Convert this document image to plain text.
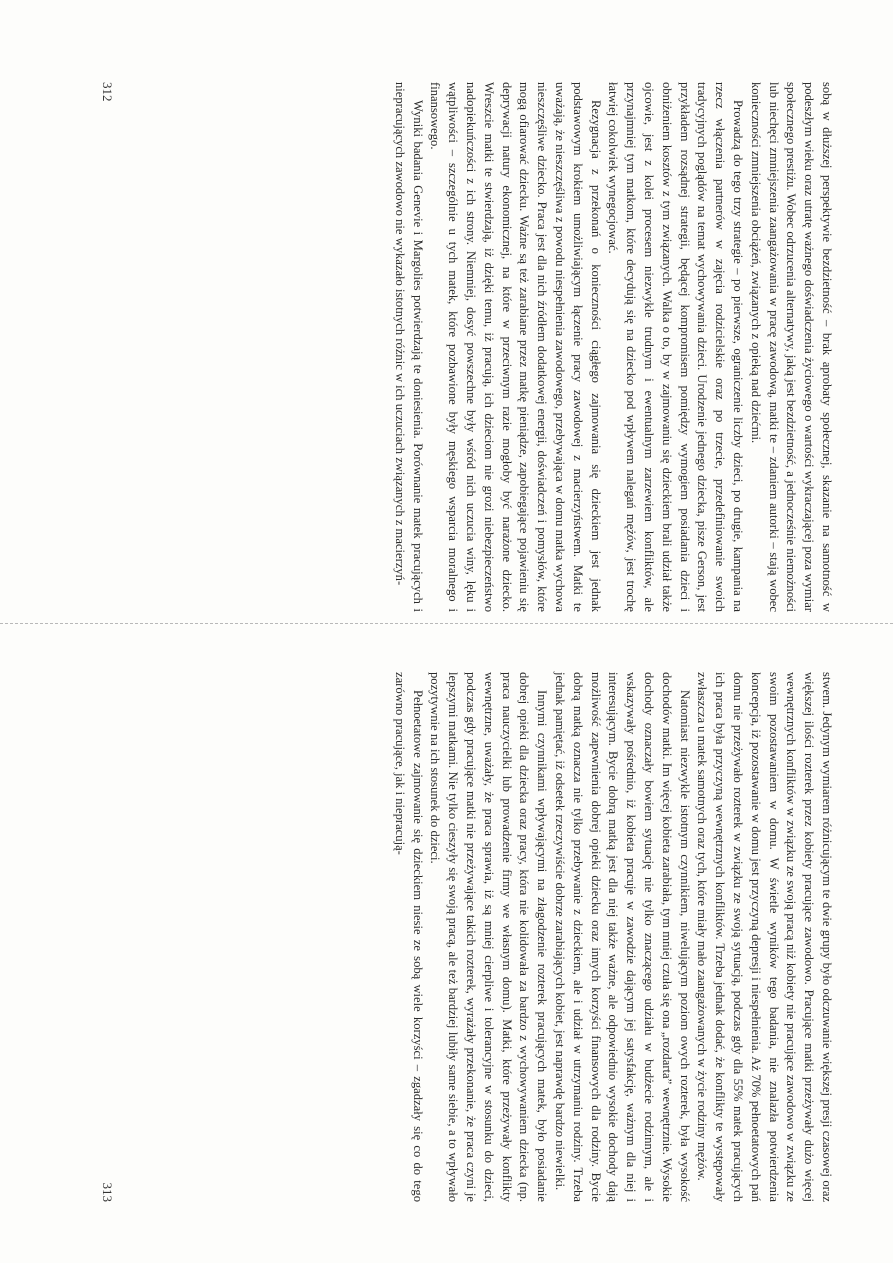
sobą w dłuższej perspektywie bezdzietność – brak aprobaty społecznej, skazanie na samotność w podeszłym wieku oraz utratę ważnego doświadczenia życiowego o wartości wykraczającej poza wymiar społecznego prestiżu. Wobec odrzucenia alternatywy, jaką jest bezdzietność, a jednocześnie niemożności lub niechęci zmniejszenia zaangażowania w pracę zawodową, matki te – zdaniem autorki – stają wobec konieczności zmniejszenia obciążeń, związanych z opieką nad dziećmi.

Prowadzą do tego trzy strategie – po pierwsze, ograniczenie liczby dzieci, po drugie, kampania na rzecz włączenia partnerów w zajęcia rodzicielskie oraz po trzecie, przedefiniowanie swoich tradycyjnych poglądów na temat wychowywania dzieci. Urodzenie jednego dziecka, pisze Gerson, jest przykładem rozsądnej strategii, będącej kompromisem pomiędzy wymogiem posiadania dzieci i obniżeniem kosztów z tym związanych. Walka o to, by w zajmowaniu się dzieckiem brali udział także ojcowie, jest z kolei procesem niezwykle trudnym i ewentualnym zarzewiem konfliktów, ale przynajmniej tym matkom, które decydują się na dziecko pod wpływem nalegań mężów, jest trochę łatwiej cokolwiek wynegocjować.

Rezygnacja z przekonań o konieczności ciągłego zajmowania się dzieckiem jest jednak podstawowym krokiem umożliwiającym łączenie pracy zawodowej z macierzyństwem. Matki te uważają, że nieszczęśliwa z powodu niespełnienia zawodowego, przebywająca w domu matka wychowa nieszczęśliwe dziecko. Praca jest dla nich źródłem dodatkowej energii, doświadczeń i pomysłów, które mogą ofiarować dziecku. Ważne są też zarabiane przez matkę pieniądze, zapobiegające pojawieniu się deprywacji natury ekonomicznej, na które w przeciwnym razie mogłoby być narażone dziecko. Wreszcie matki te stwierdzają, iż dzięki temu, iż pracują, ich dzieciom nie grozi niebezpieczeństwo nadopiekuńczości z ich strony. Niemniej, dosyć powszechne były wśród nich uczucia winy, lęku i wątpliwości – szczególnie u tych matek, które pozbawione były męskiego wsparcia moralnego i finansowego.

Wyniki badania Genevie i Margolies potwierdzają te doniesienia. Porównanie matek pracujących i niepracujących zawodowo nie wykazało istotnych różnic w ich uczuciach związanych z macierzyń-

312

stwem. Jedynym wymiarem różnicującym te dwie grupy było odczuwanie większej presji czasowej oraz większej ilości rozterek przez kobiety pracujące zawodowo. Pracujące matki przeżywały dużo więcej wewnętrznych konfliktów w związku ze swoją pracą niż kobiety nie pracujące zawodowo w związku ze swoim pozostawaniem w domu. W świetle wyników tego badania, nie znalazła potwierdzenia koncepcja, iż pozostawanie w domu jest przyczyną depresji i niespełnienia. Aż 70% pełnoetatowych pań domu nie przeżywało rozterek w związku ze swoją sytuacją, podczas gdy dla 55% matek pracujących ich praca była przyczyną wewnętrznych konfliktów. Trzeba jednak dodać, że konflikty te występowały zwłaszcza u matek samotnych oraz tych, które miały mało zaangażowanych w życie rodziny mężów.

Natomiast niezwykle istotnym czynnikiem, niwelującym poziom owych rozterek, była wysokość dochodów matki. Im więcej kobieta zarabiała, tym mniej czuła się ona „rozdarta” wewnętrznie. Wysokie dochody oznaczały bowiem sytuację nie tylko znaczącego udziału w budżecie rodzinnym, ale i wskazywały pośrednio, iż kobieta pracuje w zawodzie dającym jej satysfakcję, ważnym dla niej i interesującym. Bycie dobrą matką jest dla niej także ważne, ale odpowiednio wysokie dochody dają możliwość zapewnienia dobrej opieki dziecku oraz innych korzyści finansowych dla rodziny. Bycie dobrą matką oznacza nie tylko przebywanie z dzieckiem, ale i udział w utrzymaniu rodziny. Trzeba jednak pamiętać, iż odsetek rzeczywiście dobrze zarabiających kobiet, jest naprawdę bardzo niewielki.

Innymi czynnikami wpływającymi na złagodzenie rozterek pracujących matek, było posiadanie dobrej opieki dla dziecka oraz pracy, która nie kolidowała za bardzo z wychowywaniem dziecka (np. praca nauczycielki lub prowadzenie firmy we własnym domu). Matki, które przeżywały konflikty wewnętrzne, uważały, że praca sprawia, iż są mniej cierpliwe i tolerancyjne w stosunku do dzieci, podczas gdy pracujące matki nie przeżywające takich rozterek, wyrażały przekonanie, że praca czyni je lepszymi matkami. Nie tylko cieszyły się swoją pracą, ale też bardziej lubiły same siebie, a to wpływało pozytywnie na ich stosunek do dzieci.

Pełnoetatowe zajmowanie się dzieckiem niesie ze sobą wiele korzyści – zgadzały się co do tego zarówno pracujące, jak i niepracują-

313
